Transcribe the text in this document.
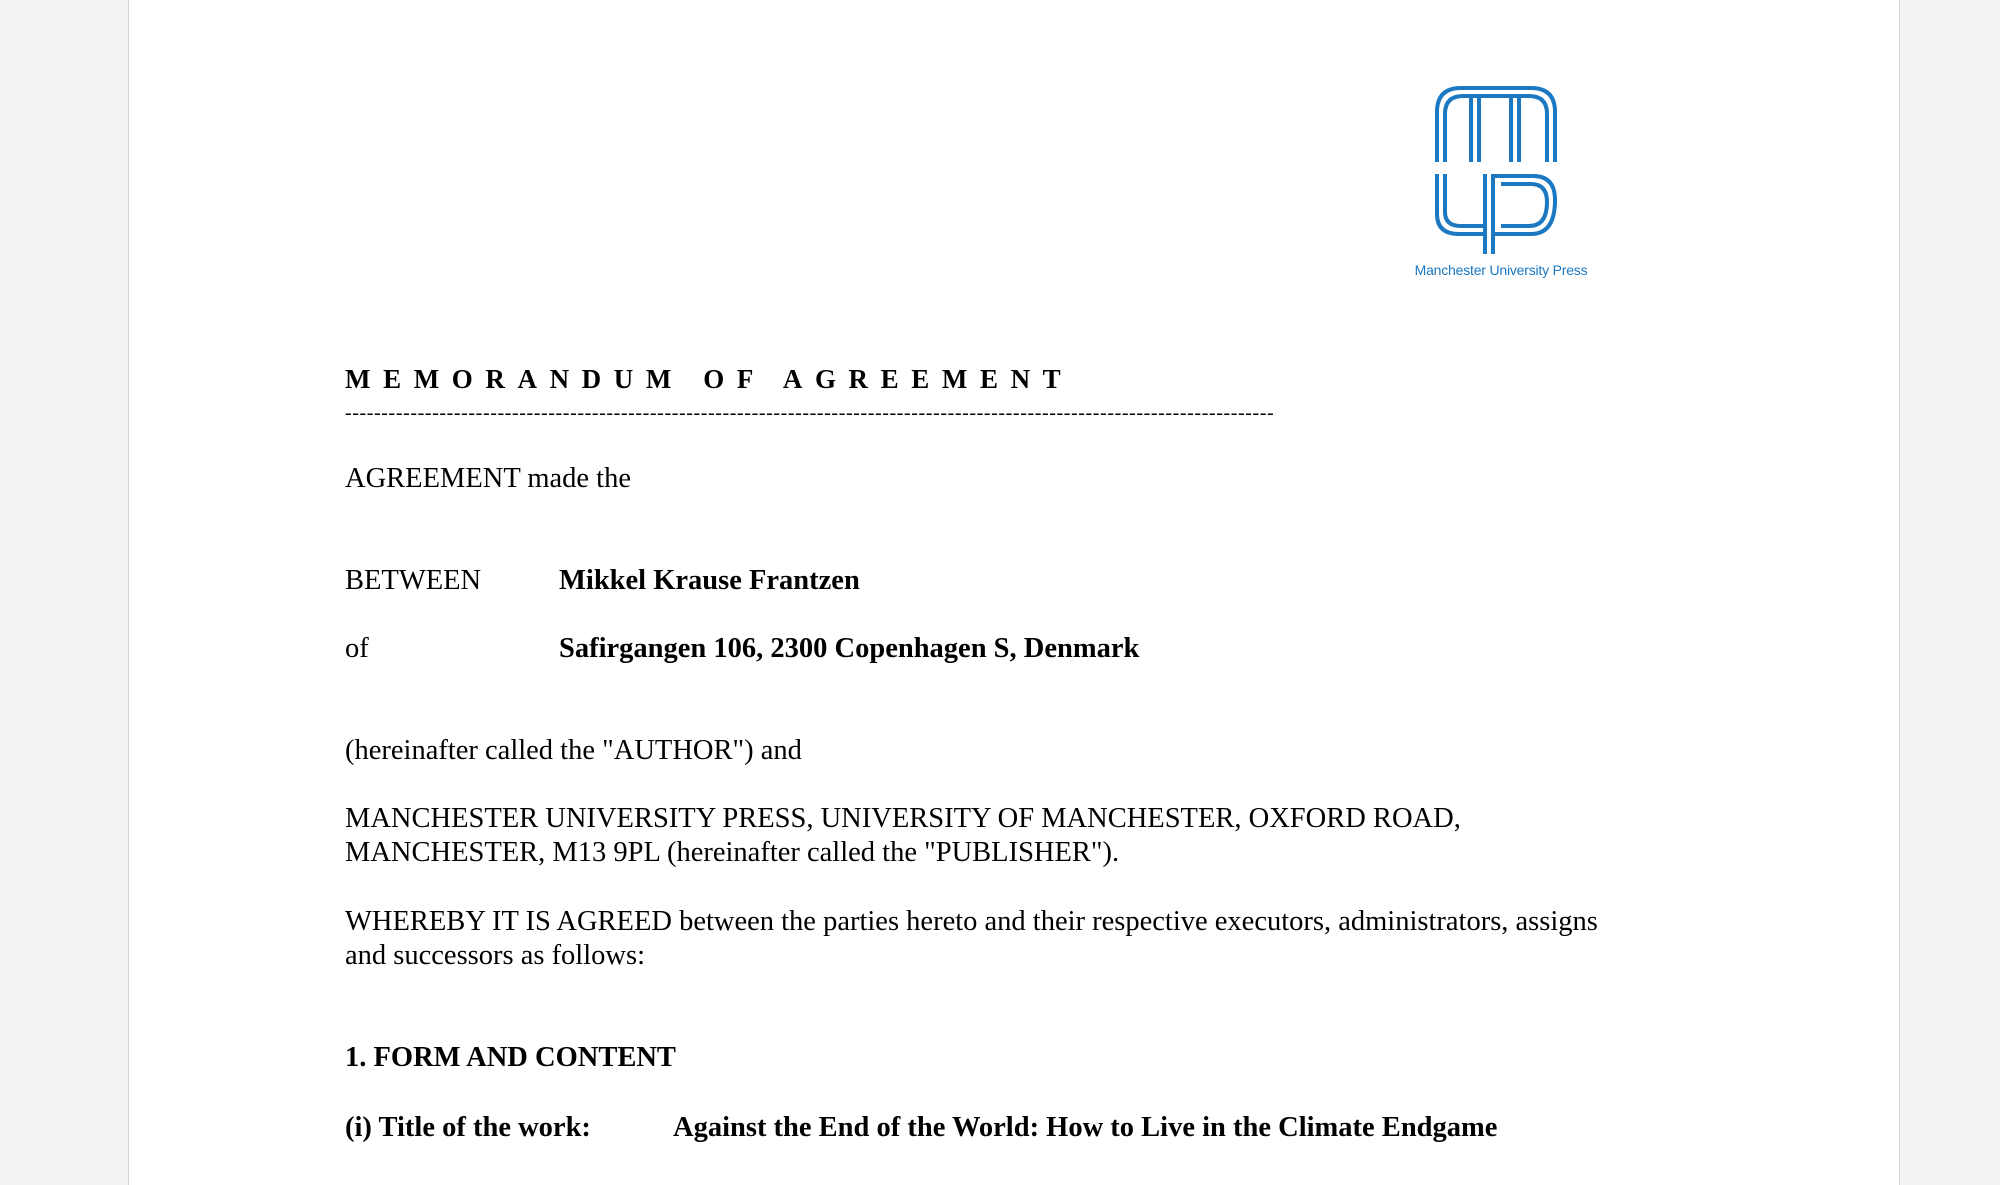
Manchester University Press
MEMORANDUM OF AGREEMENT
--------------------------------------------------------------------------------------------------------------------------------
AGREEMENT made the
BETWEEN	Mikkel Krause Frantzen
of	Safirgangen 106, 2300 Copenhagen S, Denmark
(hereinafter called the "AUTHOR") and
MANCHESTER UNIVERSITY PRESS, UNIVERSITY OF MANCHESTER, OXFORD ROAD,
MANCHESTER, M13 9PL (hereinafter called the "PUBLISHER").
WHEREBY IT IS AGREED between the parties hereto and their respective executors, administrators, assigns
and successors as follows:
1. FORM AND CONTENT
(i) Title of the work:	Against the End of the World: How to Live in the Climate Endgame
